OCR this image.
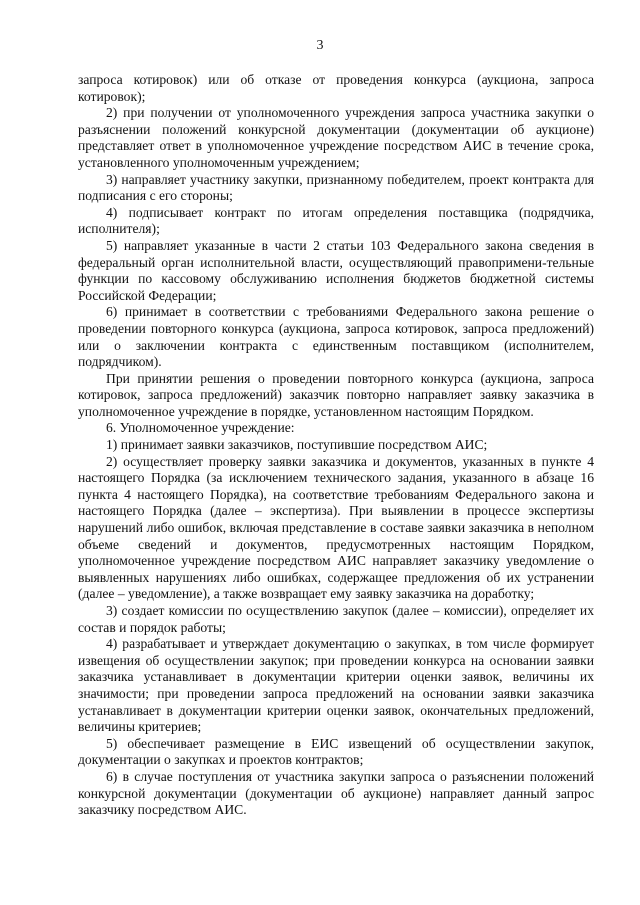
3

запроса котировок) или об отказе от проведения конкурса (аукциона, запроса котировок);

2) при получении от уполномоченного учреждения запроса участника закупки о разъяснении положений конкурсной документации (документации об аукционе) представляет ответ в уполномоченное учреждение посредством АИС в течение срока, установленного уполномоченным учреждением;

3) направляет участнику закупки, признанному победителем, проект контракта для подписания с его стороны;

4) подписывает контракт по итогам определения поставщика (подрядчика, исполнителя);

5) направляет указанные в части 2 статьи 103 Федерального закона сведения в федеральный орган исполнительной власти, осуществляющий правопримени-тельные функции по кассовому обслуживанию исполнения бюджетов бюджетной системы Российской Федерации;

6) принимает в соответствии с требованиями Федерального закона решение о проведении повторного конкурса (аукциона, запроса котировок, запроса предложений) или о заключении контракта с единственным поставщиком (исполнителем, подрядчиком).

При принятии решения о проведении повторного конкурса (аукциона, запроса котировок, запроса предложений) заказчик повторно направляет заявку заказчика в уполномоченное учреждение в порядке, установленном настоящим Порядком.

6. Уполномоченное учреждение:

1) принимает заявки заказчиков, поступившие посредством АИС;

2) осуществляет проверку заявки заказчика и документов, указанных в пункте 4 настоящего Порядка (за исключением технического задания, указанного в абзаце 16 пункта 4 настоящего Порядка), на соответствие требованиям Федерального закона и настоящего Порядка (далее – экспертиза). При выявлении в процессе экспертизы нарушений либо ошибок, включая представление в составе заявки заказчика в неполном объеме сведений и документов, предусмотренных настоящим Порядком, уполномоченное учреждение посредством АИС направляет заказчику уведомление о выявленных нарушениях либо ошибках, содержащее предложения об их устранении (далее – уведомление), а также возвращает ему заявку заказчика на доработку;

3) создает комиссии по осуществлению закупок (далее – комиссии), определяет их состав и порядок работы;

4) разрабатывает и утверждает документацию о закупках, в том числе формирует извещения об осуществлении закупок; при проведении конкурса на основании заявки заказчика устанавливает в документации критерии оценки заявок, величины их значимости; при проведении запроса предложений на основании заявки заказчика устанавливает в документации критерии оценки заявок, окончательных предложений, величины критериев;

5) обеспечивает размещение в ЕИС извещений об осуществлении закупок, документации о закупках и проектов контрактов;

6) в случае поступления от участника закупки запроса о разъяснении положений конкурсной документации (документации об аукционе) направляет данный запрос заказчику посредством АИС.
